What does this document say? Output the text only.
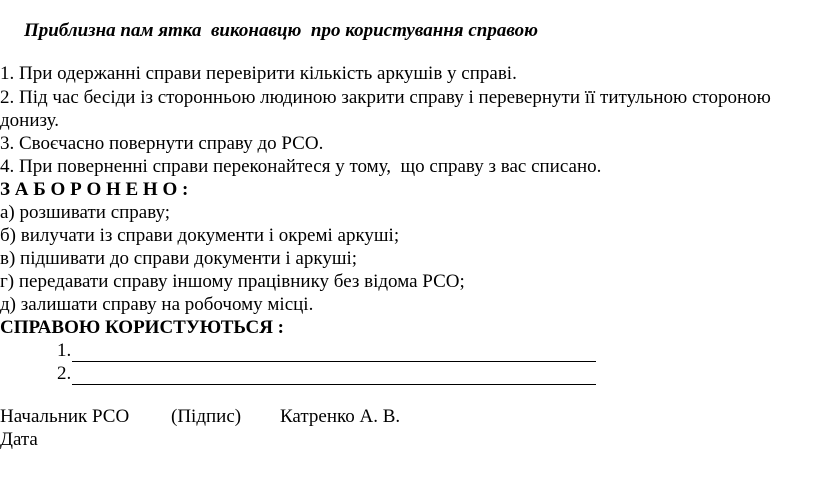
Приблизна пам ятка  виконавцю  про користування справою
1. При одержанні справи перевірити кількість аркушів у справі.
2. Під час бесіди із сторонньою людиною закрити справу і перевернути її титульною стороною
донизу.
3. Своєчасно повернути справу до РСО.
4. При поверненні справи переконайтеся у тому,  що справу з вас списано.
З А Б О Р О Н Е Н О :
а) розшивати справу;
б) вилучати із справи документи і окремі аркуші;
в) підшивати до справи документи і аркуші;
г) передавати справу іншому працівнику без відома РСО;
д) залишати справу на робочому місці.
СПРАВОЮ КОРИСТУЮТЬСЯ :
1.
2.

Начальник РСО

(Підпис)

Катренко А. В.

Дата
